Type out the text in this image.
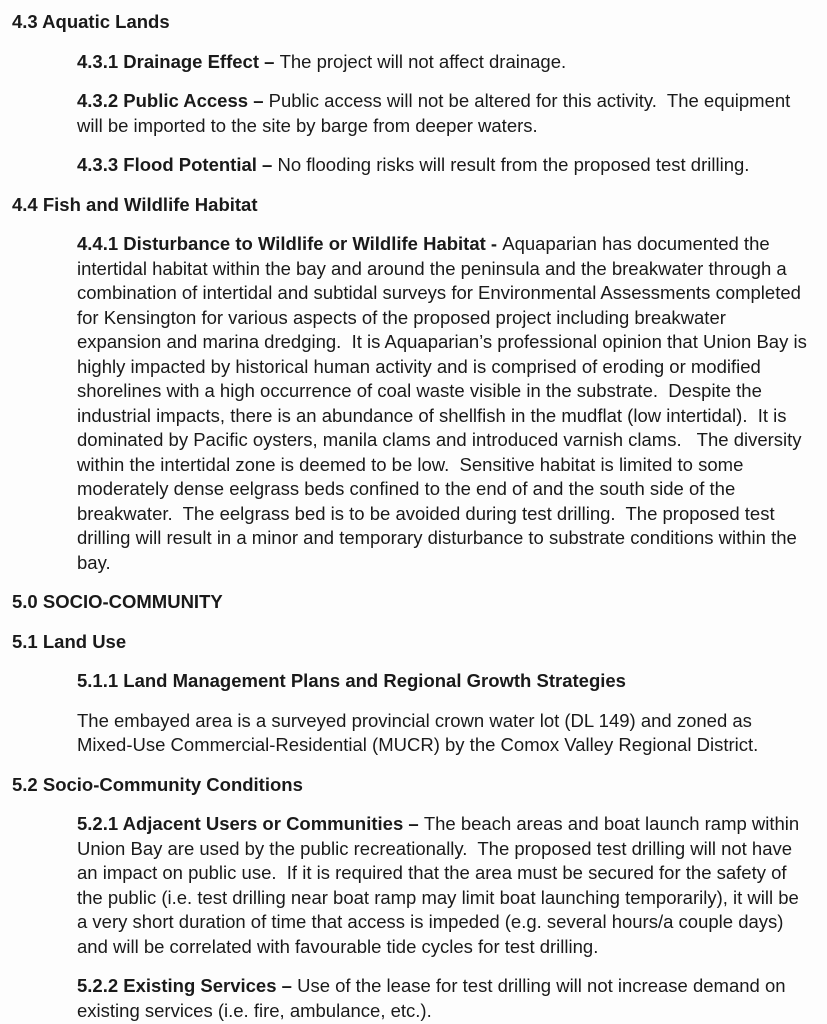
4.3 Aquatic Lands

4.3.1 Drainage Effect – The project will not affect drainage.

4.3.2 Public Access – Public access will not be altered for this activity.  The equipment will be imported to the site by barge from deeper waters.

4.3.3 Flood Potential – No flooding risks will result from the proposed test drilling.

4.4 Fish and Wildlife Habitat

4.4.1 Disturbance to Wildlife or Wildlife Habitat - Aquaparian has documented the intertidal habitat within the bay and around the peninsula and the breakwater through a combination of intertidal and subtidal surveys for Environmental Assessments completed for Kensington for various aspects of the proposed project including breakwater expansion and marina dredging.  It is Aquaparian’s professional opinion that Union Bay is highly impacted by historical human activity and is comprised of eroding or modified shorelines with a high occurrence of coal waste visible in the substrate.  Despite the industrial impacts, there is an abundance of shellfish in the mudflat (low intertidal).  It is dominated by Pacific oysters, manila clams and introduced varnish clams.   The diversity within the intertidal zone is deemed to be low.  Sensitive habitat is limited to some moderately dense eelgrass beds confined to the end of and the south side of the breakwater.  The eelgrass bed is to be avoided during test drilling.  The proposed test drilling will result in a minor and temporary disturbance to substrate conditions within the bay.

5.0 SOCIO-COMMUNITY
5.1 Land Use

5.1.1 Land Management Plans and Regional Growth Strategies

The embayed area is a surveyed provincial crown water lot (DL 149) and zoned as Mixed-Use Commercial-Residential (MUCR) by the Comox Valley Regional District.

5.2 Socio-Community Conditions

5.2.1 Adjacent Users or Communities – The beach areas and boat launch ramp within Union Bay are used by the public recreationally.  The proposed test drilling will not have an impact on public use.  If it is required that the area must be secured for the safety of the public (i.e. test drilling near boat ramp may limit boat launching temporarily), it will be a very short duration of time that access is impeded (e.g. several hours/a couple days) and will be correlated with favourable tide cycles for test drilling.

5.2.2 Existing Services – Use of the lease for test drilling will not increase demand on existing services (i.e. fire, ambulance, etc.).
